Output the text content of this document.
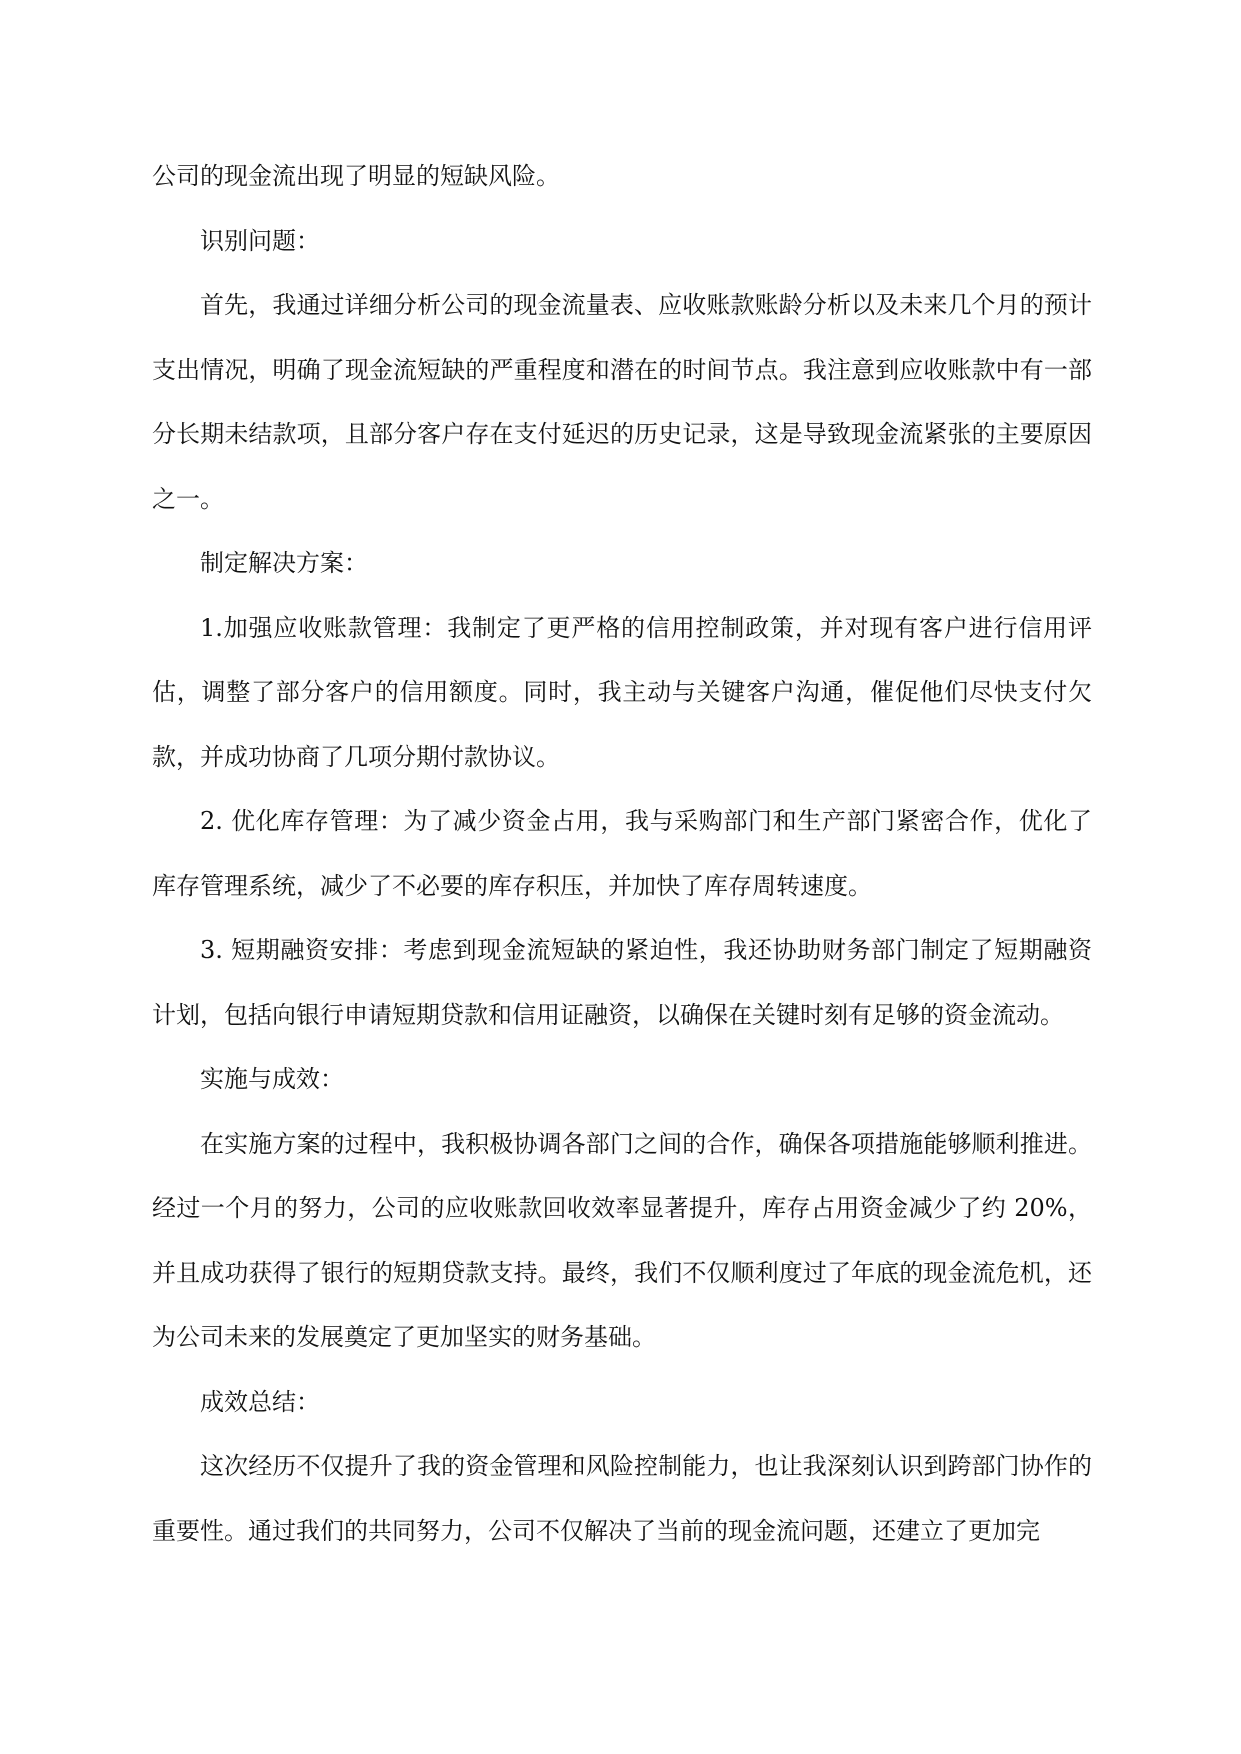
公司的现金流出现了明显的短缺风险。

识别问题：

首先，我通过详细分析公司的现金流量表、应收账款账龄分析以及未来几个月的预计支出情况，明确了现金流短缺的严重程度和潜在的时间节点。我注意到应收账款中有一部分长期未结款项，且部分客户存在支付延迟的历史记录，这是导致现金流紧张的主要原因之一。

制定解决方案：

1.加强应收账款管理：我制定了更严格的信用控制政策，并对现有客户进行信用评估，调整了部分客户的信用额度。同时，我主动与关键客户沟通，催促他们尽快支付欠款，并成功协商了几项分期付款协议。

2. 优化库存管理：为了减少资金占用，我与采购部门和生产部门紧密合作，优化了库存管理系统，减少了不必要的库存积压，并加快了库存周转速度。

3. 短期融资安排：考虑到现金流短缺的紧迫性，我还协助财务部门制定了短期融资计划，包括向银行申请短期贷款和信用证融资，以确保在关键时刻有足够的资金流动。

实施与成效：

在实施方案的过程中，我积极协调各部门之间的合作，确保各项措施能够顺利推进。经过一个月的努力，公司的应收账款回收效率显著提升，库存占用资金减少了约 20%，并且成功获得了银行的短期贷款支持。最终，我们不仅顺利度过了年底的现金流危机，还为公司未来的发展奠定了更加坚实的财务基础。

成效总结：

这次经历不仅提升了我的资金管理和风险控制能力，也让我深刻认识到跨部门协作的重要性。通过我们的共同努力，公司不仅解决了当前的现金流问题，还建立了更加完
